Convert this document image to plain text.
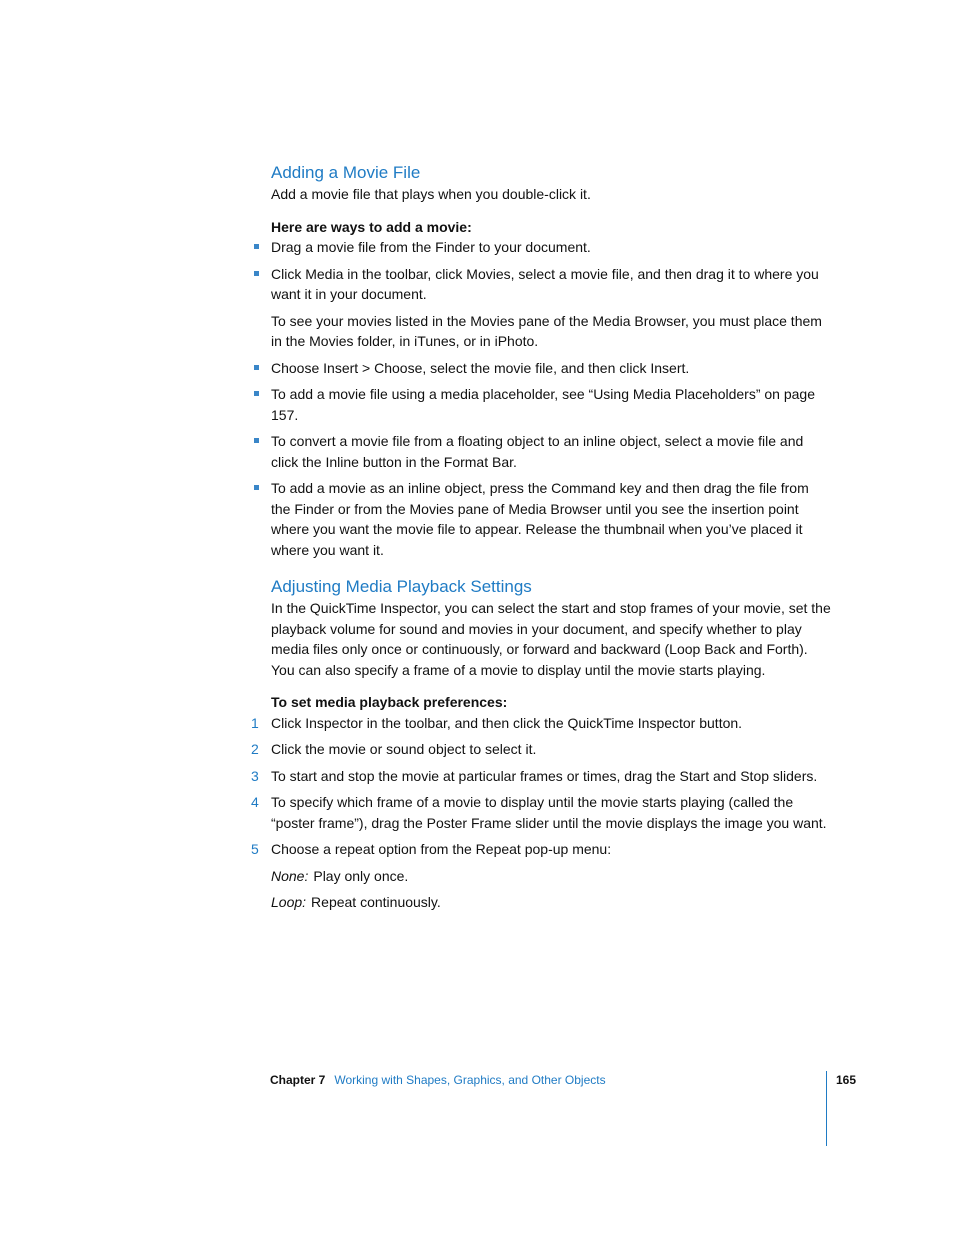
Adding a Movie File

Add a movie file that plays when you double-click it.

Here are ways to add a movie:

Drag a movie file from the Finder to your document.

Click Media in the toolbar, click Movies, select a movie file, and then drag it to where you want it in your document.

To see your movies listed in the Movies pane of the Media Browser, you must place them in the Movies folder, in iTunes, or in iPhoto.

Choose Insert > Choose, select the movie file, and then click Insert.

To add a movie file using a media placeholder, see “Using Media Placeholders” on page 157.

To convert a movie file from a floating object to an inline object, select a movie file and click the Inline button in the Format Bar.

To add a movie as an inline object, press the Command key and then drag the file from the Finder or from the Movies pane of Media Browser until you see the insertion point where you want the movie file to appear. Release the thumbnail when you’ve placed it where you want it.

Adjusting Media Playback Settings

In the QuickTime Inspector, you can select the start and stop frames of your movie, set the playback volume for sound and movies in your document, and specify whether to play media files only once or continuously, or forward and backward (Loop Back and Forth). You can also specify a frame of a movie to display until the movie starts playing.

To set media playback preferences:

1 Click Inspector in the toolbar, and then click the QuickTime Inspector button.

2 Click the movie or sound object to select it.

3 To start and stop the movie at particular frames or times, drag the Start and Stop sliders.

4 To specify which frame of a movie to display until the movie starts playing (called the “poster frame”), drag the Poster Frame slider until the movie displays the image you want.

5 Choose a repeat option from the Repeat pop-up menu:

None: Play only once.

Loop: Repeat continuously.

Chapter 7 Working with Shapes, Graphics, and Other Objects	165
